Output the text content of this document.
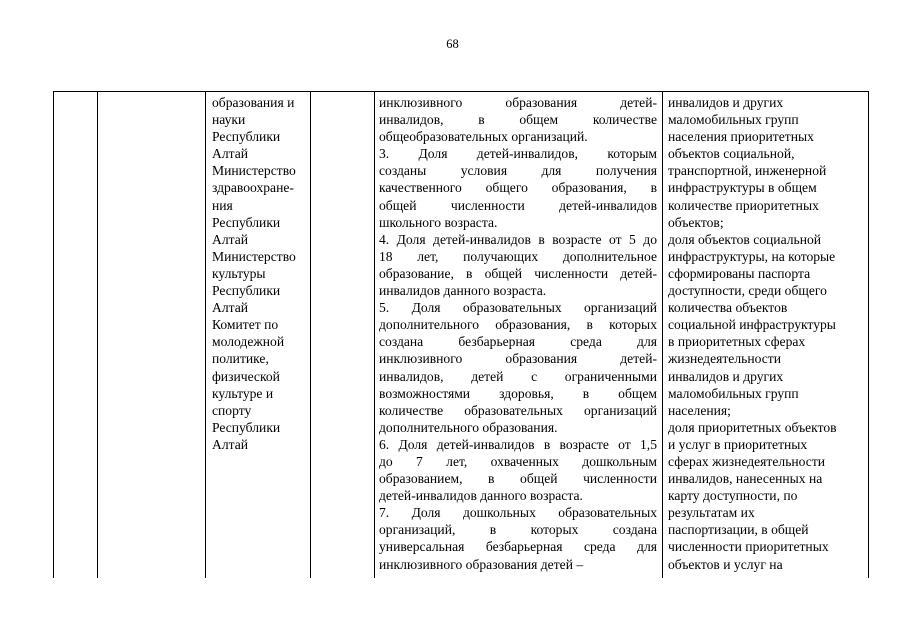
68
образования и
науки
Республики
Алтай
Министерство
здравоохране-
ния
Республики
Алтай
Министерство
культуры
Республики
Алтай
Комитет по
молодежной
политике,
физической
культуре и
спорту
Республики
Алтай
инклюзивного образования детей-
инвалидов, в общем количестве
общеобразовательных организаций.
3. Доля детей-инвалидов, которым
созданы условия для получения
качественного общего образования, в
общей численности детей-инвалидов
школьного возраста.
4. Доля детей-инвалидов в возрасте от 5 до
18 лет, получающих дополнительное
образование, в общей численности детей-
инвалидов данного возраста.
5. Доля образовательных организаций
дополнительного образования, в которых
создана безбарьерная среда для
инклюзивного образования детей-
инвалидов, детей с ограниченными
возможностями здоровья, в общем
количестве образовательных организаций
дополнительного образования.
6. Доля детей-инвалидов в возрасте от 1,5
до 7 лет, охваченных дошкольным
образованием, в общей численности
детей-инвалидов данного возраста.
7. Доля дошкольных образовательных
организаций, в которых создана
универсальная безбарьерная среда для
инклюзивного образования детей –
инвалидов и других
маломобильных групп
населения приоритетных
объектов социальной,
транспортной, инженерной
инфраструктуры в общем
количестве приоритетных
объектов;
доля объектов социальной
инфраструктуры, на которые
сформированы паспорта
доступности, среди общего
количества объектов
социальной инфраструктуры
в приоритетных сферах
жизнедеятельности
инвалидов и других
маломобильных групп
населения;
доля приоритетных объектов
и услуг в приоритетных
сферах жизнедеятельности
инвалидов, нанесенных на
карту доступности, по
результатам их
паспортизации, в общей
численности приоритетных
объектов и услуг на
